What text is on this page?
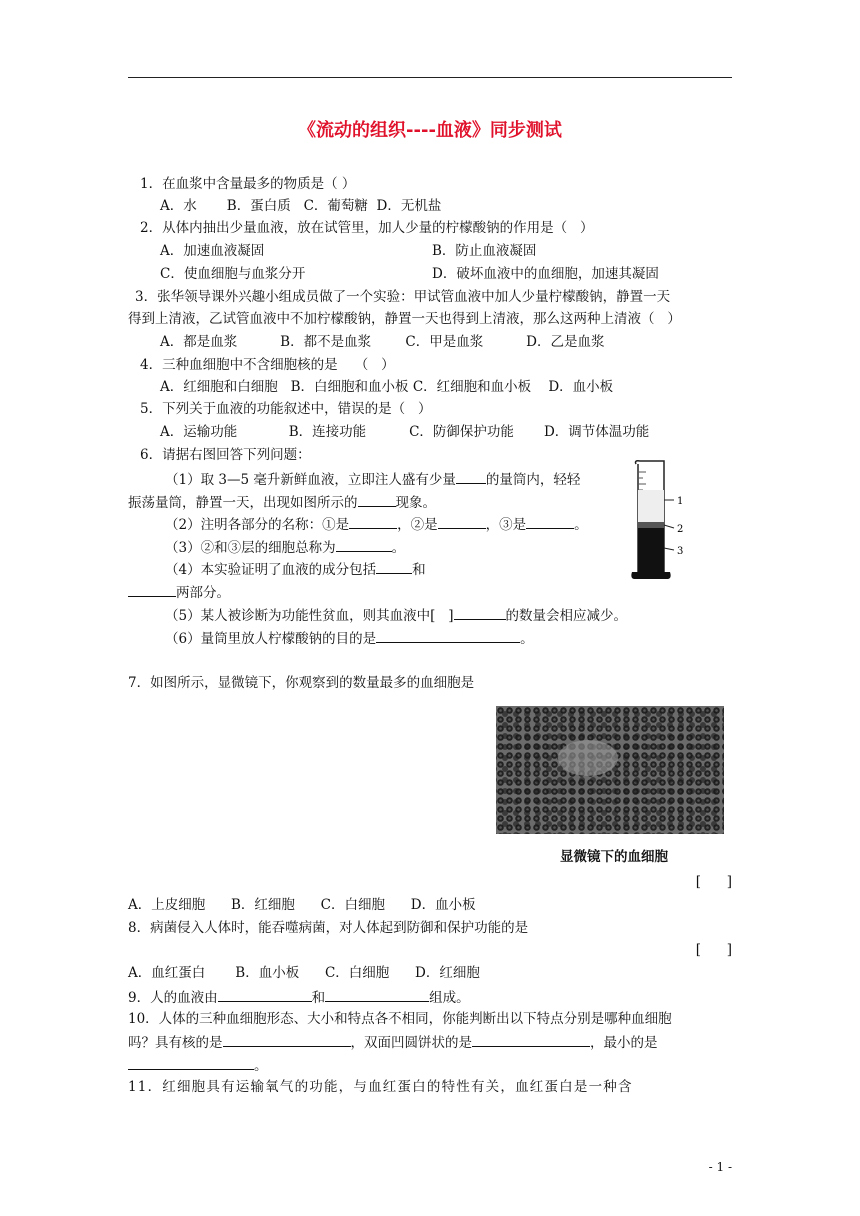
《流动的组织----血液》同步测试
1．在血浆中含量最多的物质是（ ）
A．水       B．蛋白质   C．葡萄糖  D．无机盐
2．从体内抽出少量血液，放在试管里，加人少量的柠檬酸钠的作用是（   ）
A．加速血液凝固	B．防止血液凝固
C．使血细胞与血浆分开	D．破坏血液中的血细胞，加速其凝固
3．张华领导课外兴趣小组成员做了一个实验：甲试管血液中加人少量柠檬酸钠，静置一天
得到上清液，乙试管血液中不加柠檬酸钠，静置一天也得到上清液，那么这两种上清液（   ）
A．都是血浆          B．都不是血浆        C．甲是血浆          D．乙是血浆
4．三种血细胞中不含细胞核的是    （   ）
A．红细胞和白细胞   B．白细胞和血小板 C．红细胞和血小板    D．血小板
5．下列关于血液的功能叙述中，错误的是（   ）
A．运输功能            B．连接功能          C．防御保护功能       D．调节体温功能
6．请据右图回答下列问题：
（1）取 3—5 毫升新鲜血液，立即注人盛有少量 的量筒内，轻轻
振荡量筒，静置一天，出现如图所示的	现象。
（2）注明各部分的名称：①是	，②是	，③是	。
（3）②和③层的细胞总称为	。
（4）本实验证明了血液的成分包括	和
两部分。
（5）某人被诊断为功能性贫血，则其血液中[   ]	的数量会相应减少。
（6）量筒里放人柠檬酸钠的目的是	。
1
2
3
7．如图所示，显微镜下，你观察到的数量最多的血细胞是
显微镜下的血细胞
[      ]
A．上皮细胞      B．红细胞      C．白细胞      D．血小板
8．病菌侵入人体时，能吞噬病菌，对人体起到防御和保护功能的是
[      ]
A．血红蛋白       B．血小板      C．白细胞      D．红细胞
9．人的血液由	和	组成。
10．人体的三种血细胞形态、大小和特点各不相同，你能判断出以下特点分别是哪种血细胞
吗？具有核的是	，双面凹圆饼状的是	，最小的是
。
11．红细胞具有运输氧气的功能，与血红蛋白的特性有关，血红蛋白是一种含
- 1 -
